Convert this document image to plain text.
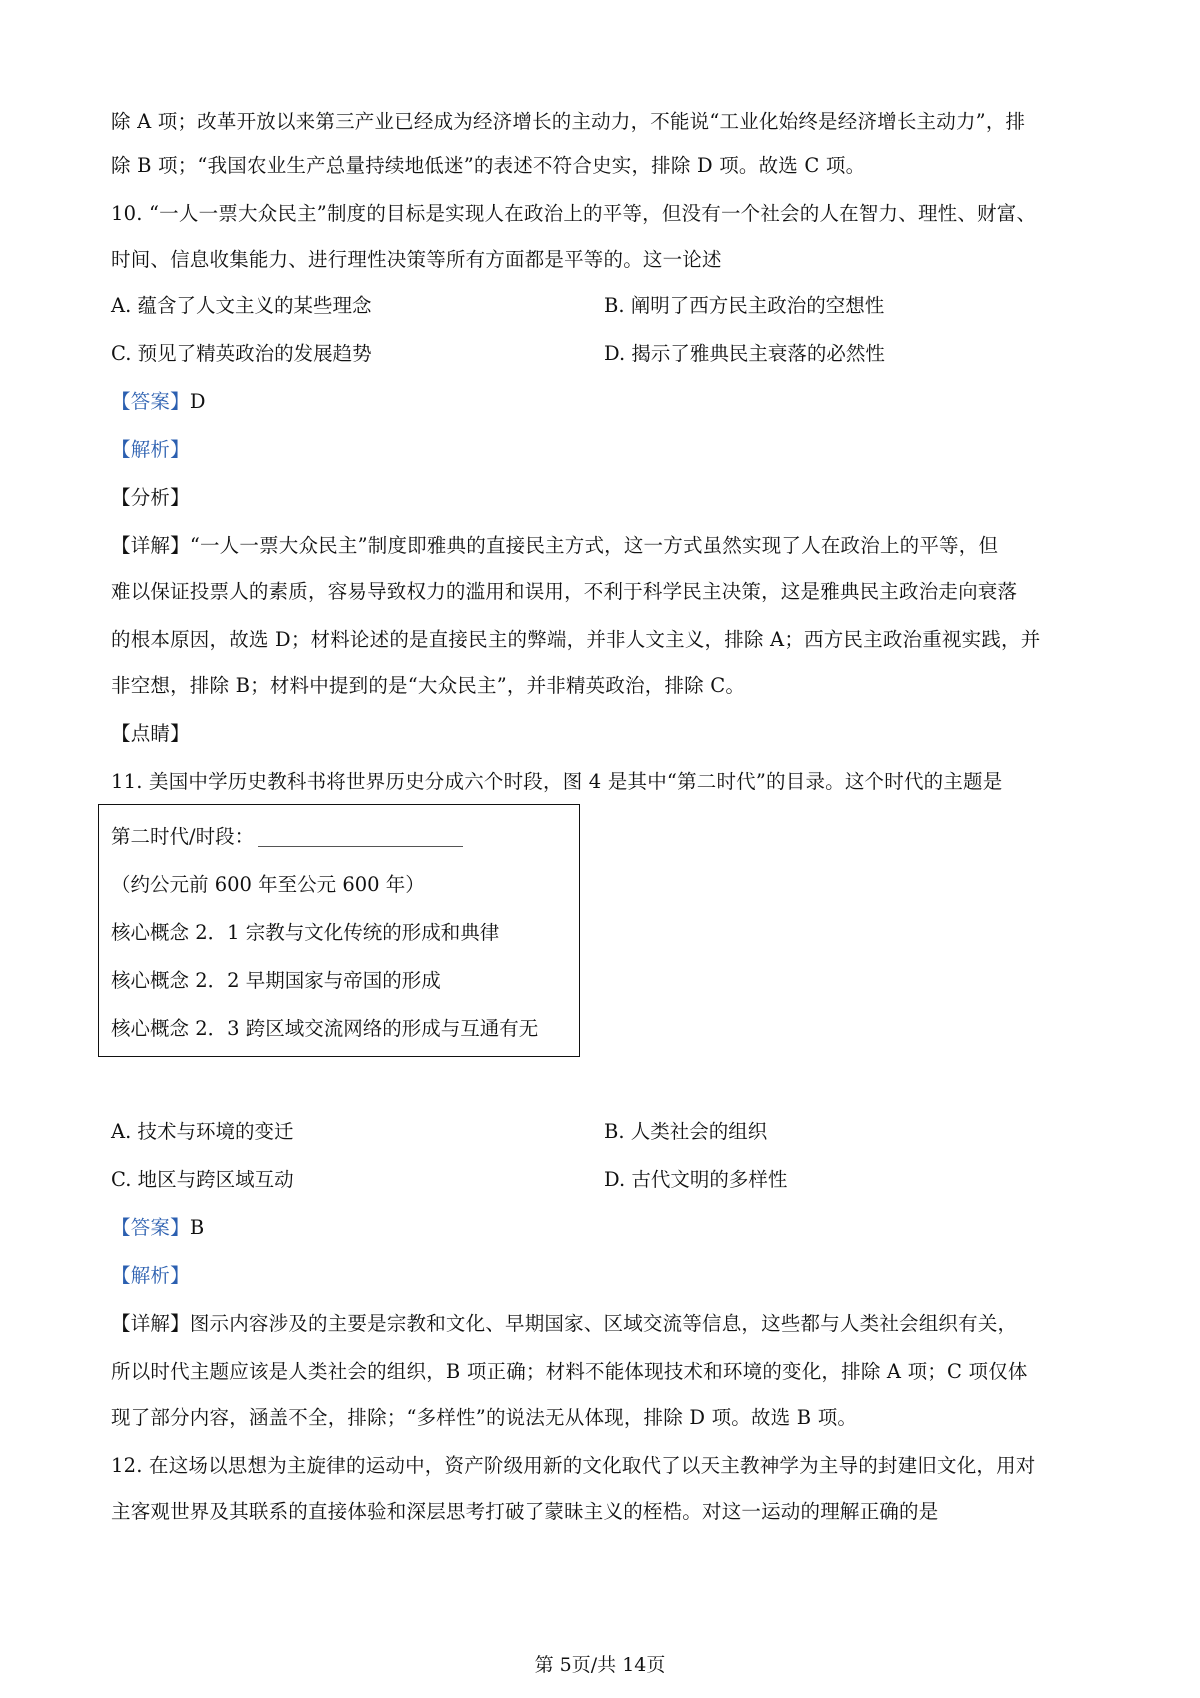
除 A 项；改革开放以来第三产业已经成为经济增长的主动力，不能说“工业化始终是经济增长主动力”，排
除 B 项；“我国农业生产总量持续地低迷”的表述不符合史实，排除 D 项。故选 C 项。
10. “一人一票大众民主”制度的目标是实现人在政治上的平等，但没有一个社会的人在智力、理性、财富、
时间、信息收集能力、进行理性决策等所有方面都是平等的。这一论述
A. 蕴含了人文主义的某些理念	B. 阐明了西方民主政治的空想性
C. 预见了精英政治的发展趋势	D. 揭示了雅典民主衰落的必然性
【答案】D
【解析】
【分析】
【详解】“一人一票大众民主”制度即雅典的直接民主方式，这一方式虽然实现了人在政治上的平等，但
难以保证投票人的素质，容易导致权力的滥用和误用，不利于科学民主决策，这是雅典民主政治走向衰落
的根本原因，故选 D；材料论述的是直接民主的弊端，并非人文主义，排除 A；西方民主政治重视实践，并
非空想，排除 B；材料中提到的是“大众民主”，并非精英政治，排除 C。
【点睛】
11. 美国中学历史教科书将世界历史分成六个时段，图 4 是其中“第二时代”的目录。这个时代的主题是
第二时代/时段：
（约公元前 600 年至公元 600 年）
核心概念 2．1 宗教与文化传统的形成和典律
核心概念 2．2 早期国家与帝国的形成
核心概念 2．3 跨区域交流网络的形成与互通有无
A. 技术与环境的变迁	B. 人类社会的组织
C. 地区与跨区域互动	D. 古代文明的多样性
【答案】B
【解析】
【详解】图示内容涉及的主要是宗教和文化、早期国家、区域交流等信息，这些都与人类社会组织有关，
所以时代主题应该是人类社会的组织，B 项正确；材料不能体现技术和环境的变化，排除 A 项；C 项仅体
现了部分内容，涵盖不全，排除；“多样性”的说法无从体现，排除 D 项。故选 B 项。
12. 在这场以思想为主旋律的运动中，资产阶级用新的文化取代了以天主教神学为主导的封建旧文化，用对
主客观世界及其联系的直接体验和深层思考打破了蒙昧主义的桎梏。对这一运动的理解正确的是
第 5页/共 14页
